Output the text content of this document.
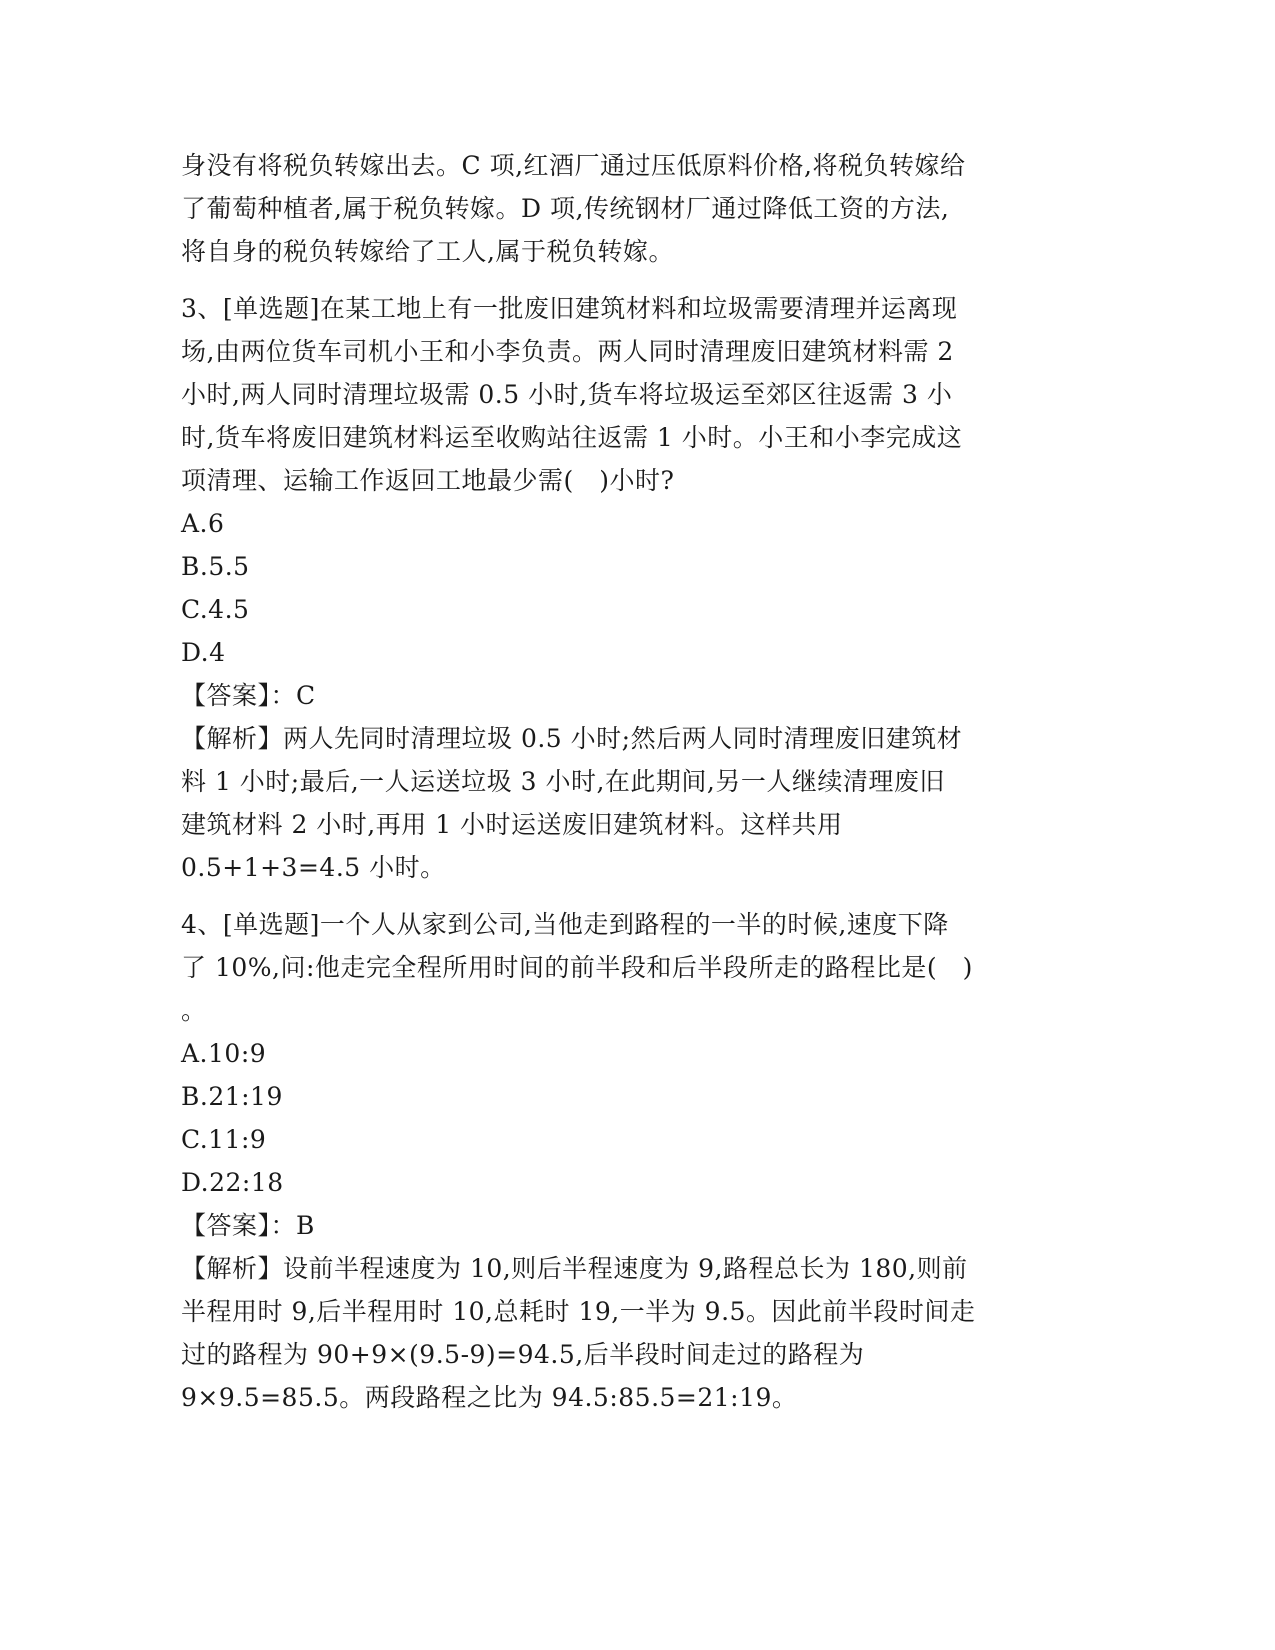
身没有将税负转嫁出去。C 项,红酒厂通过压低原料价格,将税负转嫁给
了葡萄种植者,属于税负转嫁。D 项,传统钢材厂通过降低工资的方法,
将自身的税负转嫁给了工人,属于税负转嫁。
3、[单选题]在某工地上有一批废旧建筑材料和垃圾需要清理并运离现
场,由两位货车司机小王和小李负责。两人同时清理废旧建筑材料需 2
小时,两人同时清理垃圾需 0.5 小时,货车将垃圾运至郊区往返需 3 小
时,货车将废旧建筑材料运至收购站往返需 1 小时。小王和小李完成这
项清理、运输工作返回工地最少需(　)小时?
A.6
B.5.5
C.4.5
D.4
【答案】：C
【解析】两人先同时清理垃圾 0.5 小时;然后两人同时清理废旧建筑材
料 1 小时;最后,一人运送垃圾 3 小时,在此期间,另一人继续清理废旧
建筑材料 2 小时,再用 1 小时运送废旧建筑材料。这样共用
0.5+1+3=4.5 小时。
4、[单选题]一个人从家到公司,当他走到路程的一半的时候,速度下降
了 10%,问:他走完全程所用时间的前半段和后半段所走的路程比是(　)
。
A.10:9
B.21:19
C.11:9
D.22:18
【答案】：B
【解析】设前半程速度为 10,则后半程速度为 9,路程总长为 180,则前
半程用时 9,后半程用时 10,总耗时 19,一半为 9.5。因此前半段时间走
过的路程为 90+9×(9.5-9)=94.5,后半段时间走过的路程为
9×9.5=85.5。两段路程之比为 94.5:85.5=21:19。
